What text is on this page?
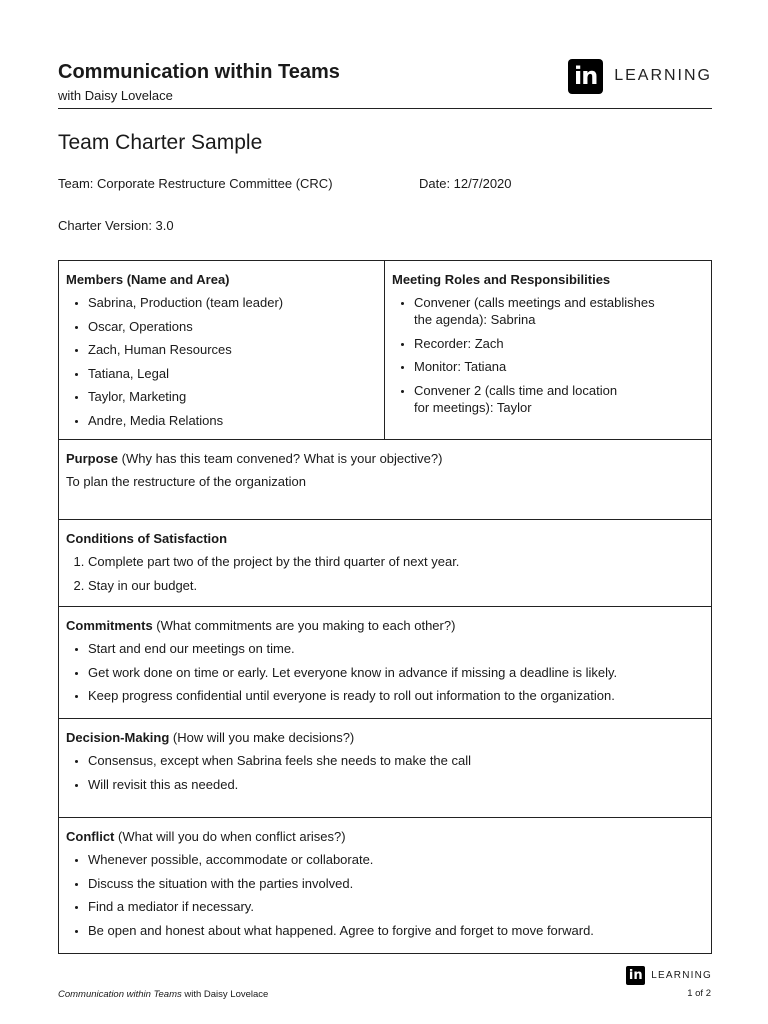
Communication within Teams
with Daisy Lovelace
in	LEARNING
Team Charter Sample
Team: Corporate Restructure Committee (CRC)	Date: 12/7/2020
Charter Version: 3.0

Members (Name and Area)

• Sabrina, Production (team leader)
• Oscar, Operations
• Zach, Human Resources
• Tatiana, Legal
• Taylor, Marketing
• Andre, Media Relations

Meeting Roles and Responsibilities

• Convener (calls meetings and establishes the agenda): Sabrina
• Recorder: Zach
• Monitor: Tatiana
• Convener 2 (calls time and location for meetings): Taylor

Purpose (Why has this team convened? What is your objective?)

To plan the restructure of the organization

Conditions of Satisfaction

1. Complete part two of the project by the third quarter of next year.
2. Stay in our budget.

Commitments (What commitments are you making to each other?)

• Start and end our meetings on time.
• Get work done on time or early. Let everyone know in advance if missing a deadline is likely.
• Keep progress confidential until everyone is ready to roll out information to the organization.

Decision-Making (How will you make decisions?)

• Consensus, except when Sabrina feels she needs to make the call
• Will revisit this as needed.

Conflict (What will you do when conflict arises?)

• Whenever possible, accommodate or collaborate.
• Discuss the situation with the parties involved.
• Find a mediator if necessary.
• Be open and honest about what happened. Agree to forgive and forget to move forward.
Communication within Teams with Daisy Lovelace
in LEARNING
1 of 2
